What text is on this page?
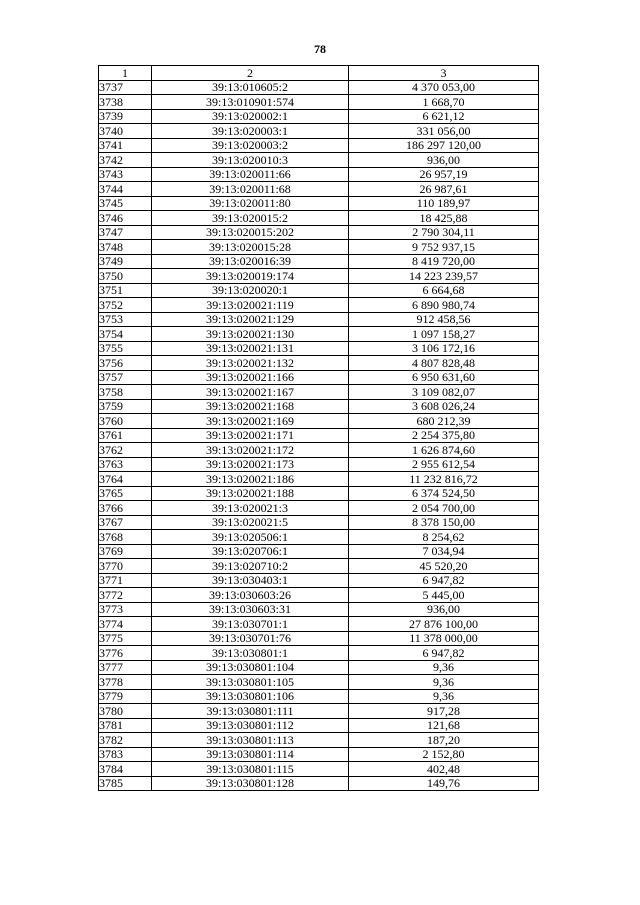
78
1	2	3
3737	39:13:010605:2	4 370 053,00
3738	39:13:010901:574	1 668,70
3739	39:13:020002:1	6 621,12
3740	39:13:020003:1	331 056,00
3741	39:13:020003:2	186 297 120,00
3742	39:13:020010:3	936,00
3743	39:13:020011:66	26 957,19
3744	39:13:020011:68	26 987,61
3745	39:13:020011:80	110 189,97
3746	39:13:020015:2	18 425,88
3747	39:13:020015:202	2 790 304,11
3748	39:13:020015:28	9 752 937,15
3749	39:13:020016:39	8 419 720,00
3750	39:13:020019:174	14 223 239,57
3751	39:13:020020:1	6 664,68
3752	39:13:020021:119	6 890 980,74
3753	39:13:020021:129	912 458,56
3754	39:13:020021:130	1 097 158,27
3755	39:13:020021:131	3 106 172,16
3756	39:13:020021:132	4 807 828,48
3757	39:13:020021:166	6 950 631,60
3758	39:13:020021:167	3 109 082,07
3759	39:13:020021:168	3 608 026,24
3760	39:13:020021:169	680 212,39
3761	39:13:020021:171	2 254 375,80
3762	39:13:020021:172	1 626 874,60
3763	39:13:020021:173	2 955 612,54
3764	39:13:020021:186	11 232 816,72
3765	39:13:020021:188	6 374 524,50
3766	39:13:020021:3	2 054 700,00
3767	39:13:020021:5	8 378 150,00
3768	39:13:020506:1	8 254,62
3769	39:13:020706:1	7 034,94
3770	39:13:020710:2	45 520,20
3771	39:13:030403:1	6 947,82
3772	39:13:030603:26	5 445,00
3773	39:13:030603:31	936,00
3774	39:13:030701:1	27 876 100,00
3775	39:13:030701:76	11 378 000,00
3776	39:13:030801:1	6 947,82
3777	39:13:030801:104	9,36
3778	39:13:030801:105	9,36
3779	39:13:030801:106	9,36
3780	39:13:030801:111	917,28
3781	39:13:030801:112	121,68
3782	39:13:030801:113	187,20
3783	39:13:030801:114	2 152,80
3784	39:13:030801:115	402,48
3785	39:13:030801:128	149,76
